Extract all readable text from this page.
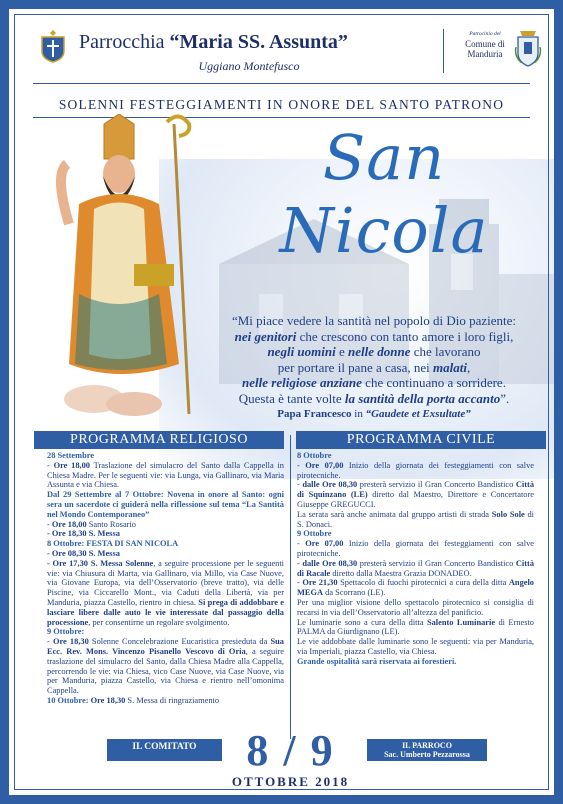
Parrocchia “Maria SS. Assunta”
Uggiano Montefusco
Patrocinio del
Comune di
Manduria
SOLENNI FESTEGGIAMENTI IN ONORE DEL SANTO PATRONO
San Nicola
“Mi piace vedere la santità nel popolo di Dio paziente:
nei genitori che crescono con tanto amore i loro figli,
negli uomini e nelle donne che lavorano
per portare il pane a casa, nei malati,
nelle religiose anziane che continuano a sorridere.
Questa è tante volte la santità della porta accanto”.
Papa Francesco in “Gaudete et Exsultate”
PROGRAMMA RELIGIOSO

28 Settembre

- Ore 18,00 Traslazione del simulacro del Santo dalla Cappella in Chiesa Madre. Per le seguenti vie: via Lunga, via Gallinaro, via Maria Assunta e via Chiesa.

Dal 29 Settembre al 7 Ottobre: Novena in onore al Santo: ogni sera un sacerdote ci guiderà nella riflessione sul tema “La Santità nel Mondo Contemporaneo”

- Ore 18,00 Santo Rosario

- Ore 18,30 S. Messa

8 Ottobre: FESTA DI SAN NICOLA

- Ore 08,30 S. Messa

- Ore 17,30 S. Messa Solenne, a seguire processione per le seguenti vie: via Chiusura di Marta, via Gallinaro, via Millo, via Case Nuove, via Giovane Europa, via dell’Osservatorio (breve tratto), via delle Piscine, via Ciccarello Mont., via Caduti della Libertà, via per Manduria, piazza Castello, rientro in chiesa. Si prega di addobbare e lasciare libere dalle auto le vie interessate dal passaggio della processione, per consentirne un regolare svolgimento.

9 Ottobre:

- Ore 18,30 Solenne Concelebrazione Eucaristica presieduta da Sua Ecc. Rev. Mons. Vincenzo Pisanello Vescovo di Oria, a seguire traslazione del simulacro del Santo, dalla Chiesa Madre alla Cappella, percorrendo le vie: via Chiesa, vico Case Nuove, via Case Nuove, via per Manduria, piazza Castello, via Chiesa e rientro nell’omonima Cappella.

10 Ottobre: Ore 18,30 S. Messa di ringraziamento

PROGRAMMA CIVILE

8 Ottobre

- Ore 07,00 Inizio della giornata dei festeggiamenti con salve pirotecniche.

- dalle Ore 08,30 presterà servizio il Gran Concerto Bandistico Città di Squinzano (LE) diretto dal Maestro, Direttore e Concertatore Giuseppe GREGUCCI.

La serata sarà anche animata dal gruppo artisti di strada Solo Sole di S. Donaci.

9 Ottobre

- Ore 07,00 Inizio della giornata dei festeggiamenti con salve pirotecniche.

- dalle Ore 08,30 presterà servizio il Gran Concerto Bandistico Città di Racale diretto dalla Maestra Grazia DONADEO.

- Ore 21,30 Spettacolo di fuochi pirotecnici a cura della ditta Angelo MEGA da Scorrano (LE).

Per una miglior visione dello spettacolo pirotecnico si consiglia di recarsi in via dell’Osservatorio all’altezza del panificio.

Le luminarie sono a cura della ditta Salento Luminarie di Ernesto PALMA da Giurdignano (LE).

Le vie addobbate dalle luminarie sono le seguenti: via per Manduria, via Imperiali, piazza Castello, via Chiesa.

Grande ospitalità sarà riservata ai forestieri.

IL COMITATO	8 / 9
OTTOBRE 2018
IL PARROCO
Sac. Umberto Pezzarossa
